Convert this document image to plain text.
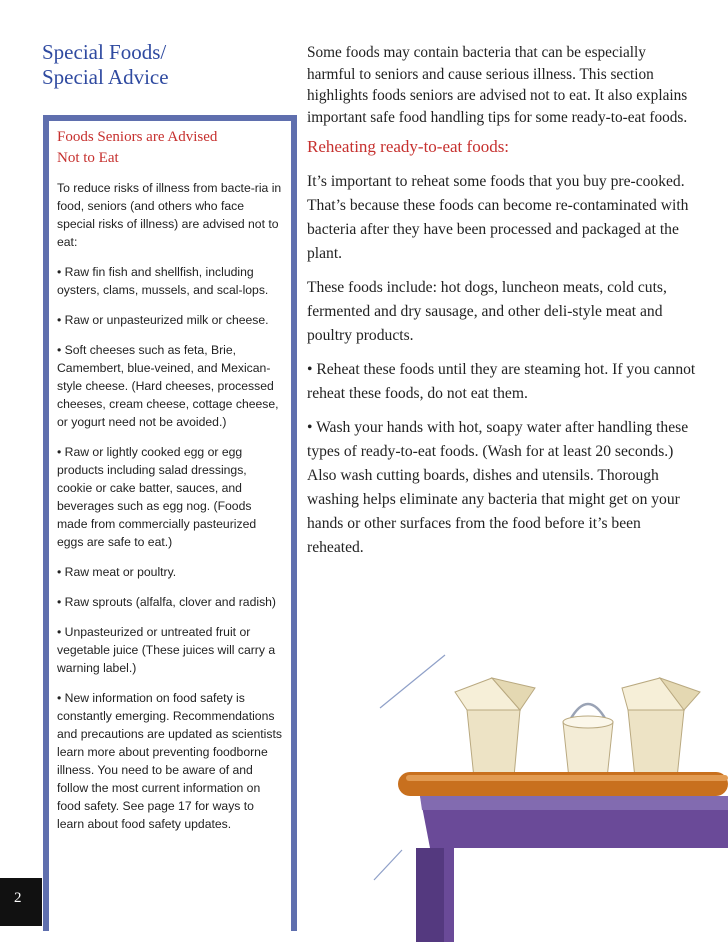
Special Foods/
Special Advice
Foods Seniors are Advised
Not to Eat

To reduce risks of illness from bacte-ria in food, seniors (and others who face special risks of illness) are advised not to eat:

• Raw fin fish and shellfish, including oysters, clams, mussels, and scal-lops.

• Raw or unpasteurized milk or cheese.

• Soft cheeses such as feta, Brie, Camembert, blue-veined, and Mexican-style cheese. (Hard cheeses, processed cheeses, cream cheese, cottage cheese, or yogurt need not be avoided.)

• Raw or lightly cooked egg or egg products including salad dressings, cookie or cake batter, sauces, and beverages such as egg nog. (Foods made from commercially pasteurized eggs are safe to eat.)

• Raw meat or poultry.

• Raw sprouts (alfalfa, clover and radish)

• Unpasteurized or untreated fruit or vegetable juice (These juices will carry a warning label.)

• New information on food safety is constantly emerging. Recommendations and precautions are updated as scientists learn more about preventing foodborne illness. You need to be aware of and follow the most current information on food safety. See page 17 for ways to learn about food safety updates.

2

Some foods may contain bacteria that can be especially harmful to seniors and cause serious illness. This section highlights foods seniors are advised not to eat. It also explains important safe food handling tips for some ready-to-eat foods.

Reheating ready-to-eat foods:

It’s important to reheat some foods that you buy pre-cooked. That’s because these foods can become re-contaminated with bacteria after they have been processed and packaged at the plant.

These foods include: hot dogs, luncheon meats, cold cuts, fermented and dry sausage, and other deli-style meat and poultry products.

• Reheat these foods until they are steaming hot. If you cannot reheat these foods, do not eat them.

• Wash your hands with hot, soapy water after handling these types of ready-to-eat foods. (Wash for at least 20 seconds.) Also wash cutting boards, dishes and utensils. Thorough washing helps eliminate any bacteria that might get on your hands or other surfaces from the food before it’s been reheated.
